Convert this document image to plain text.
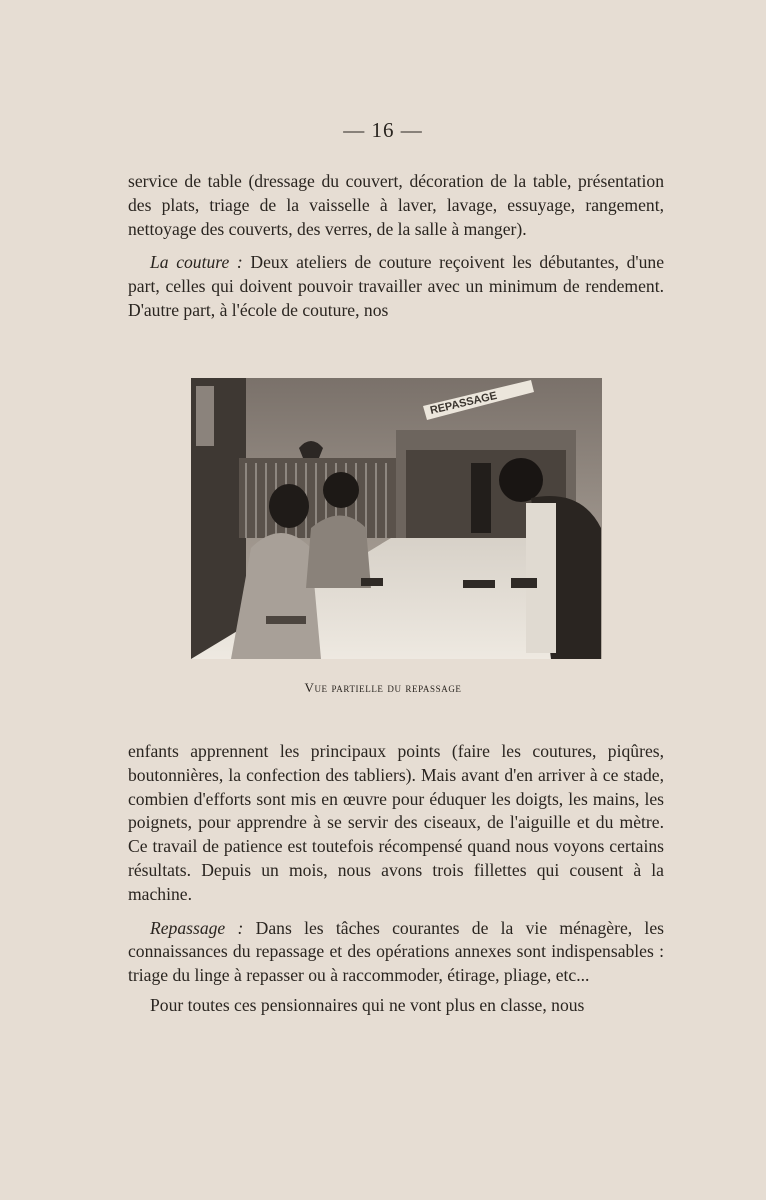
— 16 —

service de table (dressage du couvert, décoration de la table, présentation des plats, triage de la vaisselle à laver, lavage, essuyage, rangement, nettoyage des couverts, des verres, de la salle à manger).

La couture : Deux ateliers de couture reçoivent les débutantes, d'une part, celles qui doivent pouvoir travailler avec un minimum de rendement. D'autre part, à l'école de couture, nos

REPASSAGE
Vue partielle du repassage

enfants apprennent les principaux points (faire les coutures, piqûres, boutonnières, la confection des tabliers). Mais avant d'en arriver à ce stade, combien d'efforts sont mis en œuvre pour éduquer les doigts, les mains, les poignets, pour apprendre à se servir des ciseaux, de l'aiguille et du mètre. Ce travail de patience est toutefois récompensé quand nous voyons certains résultats. Depuis un mois, nous avons trois fillettes qui cousent à la machine.

Repassage : Dans les tâches courantes de la vie ménagère, les connaissances du repassage et des opérations annexes sont indispensables : triage du linge à repasser ou à raccommoder, étirage, pliage, etc...

Pour toutes ces pensionnaires qui ne vont plus en classe, nous
